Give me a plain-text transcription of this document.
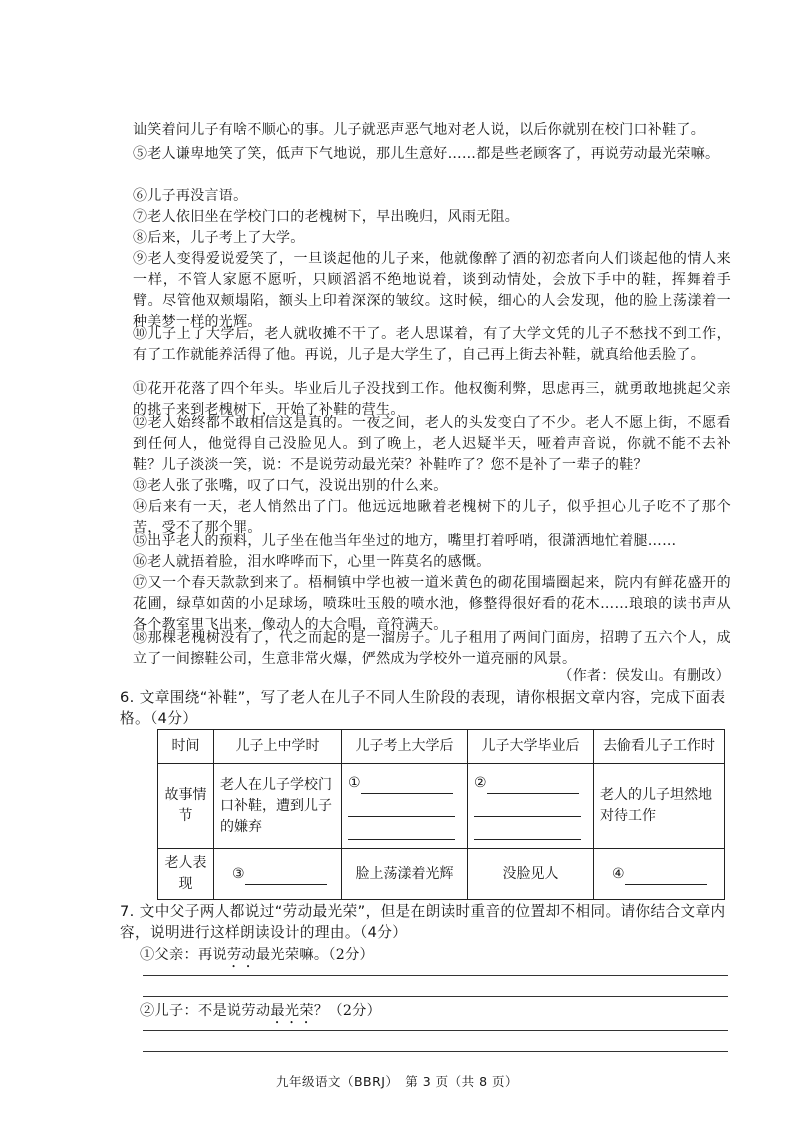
讪笑着问儿子有啥不顺心的事。儿子就恶声恶气地对老人说，以后你就别在校门口补鞋了。

⑤老人谦卑地笑了笑，低声下气地说，那儿生意好……都是些老顾客了，再说劳动最光荣嘛。

⑥儿子再没言语。

⑦老人依旧坐在学校门口的老槐树下，早出晚归，风雨无阻。

⑧后来，儿子考上了大学。

⑨老人变得爱说爱笑了，一旦谈起他的儿子来，他就像醉了酒的初恋者向人们谈起他的情人来一样，不管人家愿不愿听，只顾滔滔不绝地说着，谈到动情处，会放下手中的鞋，挥舞着手臂。尽管他双颊塌陷，额头上印着深深的皱纹。这时候，细心的人会发现，他的脸上荡漾着一种美梦一样的光辉。

⑩儿子上了大学后，老人就收摊不干了。老人思谋着，有了大学文凭的儿子不愁找不到工作，有了工作就能养活得了他。再说，儿子是大学生了，自己再上街去补鞋，就真给他丢脸了。

⑪花开花落了四个年头。毕业后儿子没找到工作。他权衡利弊，思虑再三，就勇敢地挑起父亲的挑子来到老槐树下，开始了补鞋的营生。

⑫老人始终都不敢相信这是真的。一夜之间，老人的头发变白了不少。老人不愿上街，不愿看到任何人，他觉得自己没脸见人。到了晚上，老人迟疑半天，哑着声音说，你就不能不去补鞋？儿子淡淡一笑，说：不是说劳动最光荣？补鞋咋了？您不是补了一辈子的鞋？

⑬老人张了张嘴，叹了口气，没说出别的什么来。

⑭后来有一天，老人悄然出了门。他远远地瞅着老槐树下的儿子，似乎担心儿子吃不了那个苦，受不了那个罪。

⑮出乎老人的预料，儿子坐在他当年坐过的地方，嘴里打着呼哨，很潇洒地忙着腿……

⑯老人就捂着脸，泪水哗哗而下，心里一阵莫名的感慨。

⑰又一个春天款款到来了。梧桐镇中学也被一道米黄色的砌花围墙圈起来，院内有鲜花盛开的花圃，绿草如茵的小足球场，喷珠吐玉般的喷水池，修整得很好看的花木……琅琅的读书声从各个教室里飞出来，像动人的大合唱，音符满天。

⑱那棵老槐树没有了，代之而起的是一溜房子。儿子租用了两间门面房，招聘了五六个人，成立了一间擦鞋公司，生意非常火爆，俨然成为学校外一道亮丽的风景。

（作者：侯发山。有删改）

6. 文章围绕“补鞋”，写了老人在儿子不同人生阶段的表现，请你根据文章内容，完成下面表格。（4分）

时间	儿子上中学时	儿子考上大学后	儿子大学毕业后	去偷看儿子工作时
故事情节	老人在儿子学校门口补鞋，遭到儿子的嫌弃	①	②	老人的儿子坦然地对待工作
老人表现	③	脸上荡漾着光辉	没脸见人	④

7. 文中父子两人都说过“劳动最光荣”，但是在朗读时重音的位置却不相同。请你结合文章内容，说明进行这样朗读设计的理由。（4分）

①父亲：再说劳动最光荣嘛。（2分）
②儿子：不是说劳动最光荣？（2分）
九年级语文（BBRJ）　第 3 页（共 8 页）
